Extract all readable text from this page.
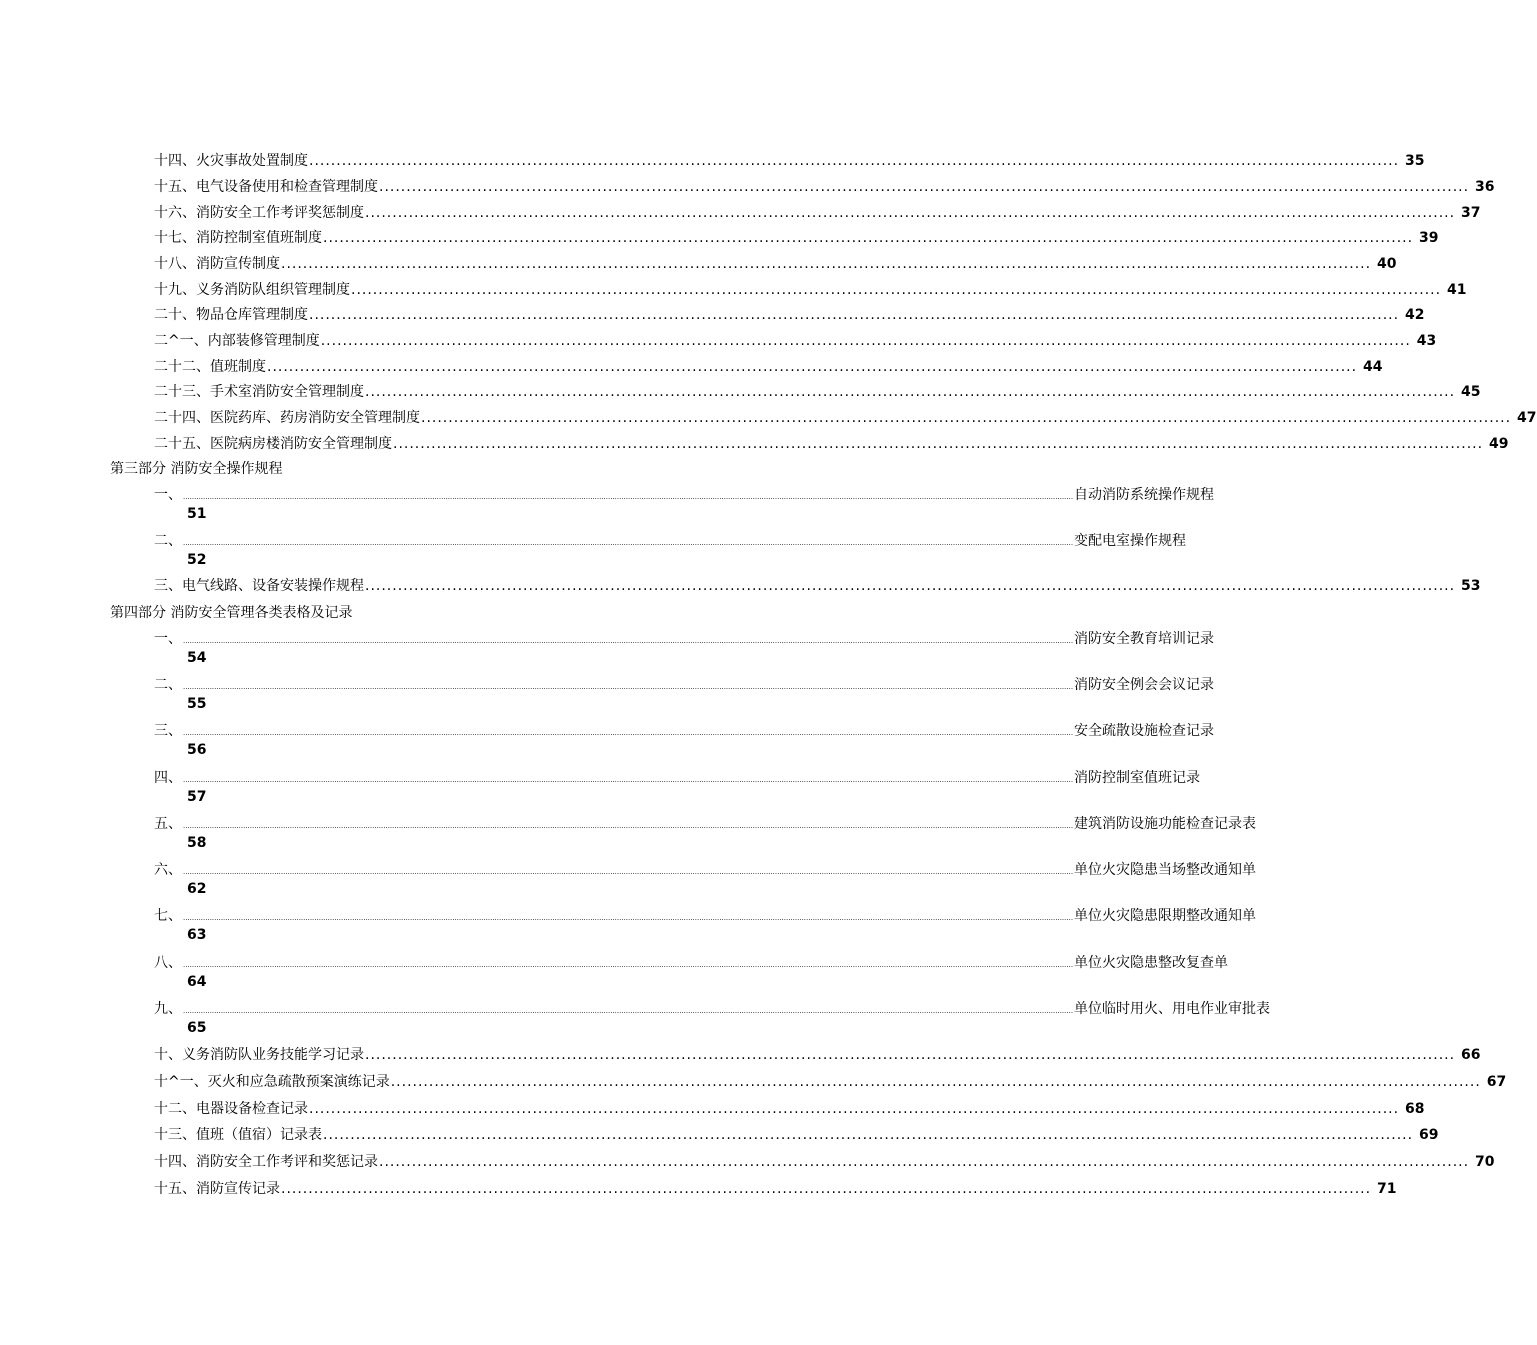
十四、火灾事故处置制度 ........................................................................................................................................................................................................ 35
十五、电气设备使用和检查管理制度 ........................................................................................................................................................................................................ 36
十六、消防安全工作考评奖惩制度 ........................................................................................................................................................................................................ 37
十七、消防控制室值班制度 ........................................................................................................................................................................................................ 39
十八、消防宣传制度 ........................................................................................................................................................................................................ 40
十九、义务消防队组织管理制度 ........................................................................................................................................................................................................ 41
二十、物品仓库管理制度 ........................................................................................................................................................................................................ 42
二^一、内部装修管理制度 ........................................................................................................................................................................................................ 43
二十二、值班制度 ........................................................................................................................................................................................................ 44
二十三、手术室消防安全管理制度 ........................................................................................................................................................................................................ 45
二十四、医院药库、药房消防安全管理制度 ........................................................................................................................................................................................................ 47
二十五、医院病房楼消防安全管理制度 ........................................................................................................................................................................................................ 49
第三部分 消防安全操作规程
一、 ................................................................................................................................................................................................................................................................................................................................................................................................................ 自动消防系统操作规程
51
二、 ................................................................................................................................................................................................................................................................................................................................................................................................................ 变配电室操作规程
52
三、电气线路、设备安装操作规程 ........................................................................................................................................................................................................ 53
第四部分 消防安全管理各类表格及记录
一、 ................................................................................................................................................................................................................................................................................................................................................................................................................ 消防安全教育培训记录
54
二、 ................................................................................................................................................................................................................................................................................................................................................................................................................ 消防安全例会会议记录
55
三、 ................................................................................................................................................................................................................................................................................................................................................................................................................ 安全疏散设施检查记录
56
四、 ................................................................................................................................................................................................................................................................................................................................................................................................................ 消防控制室值班记录
57
五、 ................................................................................................................................................................................................................................................................................................................................................................................................................ 建筑消防设施功能检查记录表
58
六、 ................................................................................................................................................................................................................................................................................................................................................................................................................ 单位火灾隐患当场整改通知单
62
七、 ................................................................................................................................................................................................................................................................................................................................................................................................................ 单位火灾隐患限期整改通知单
63
八、 ................................................................................................................................................................................................................................................................................................................................................................................................................ 单位火灾隐患整改复查单
64
九、 ................................................................................................................................................................................................................................................................................................................................................................................................................ 单位临时用火、用电作业审批表
65
十、义务消防队业务技能学习记录 ........................................................................................................................................................................................................ 66
十^一、灭火和应急疏散预案演练记录 ........................................................................................................................................................................................................ 67
十二、电器设备检查记录 ........................................................................................................................................................................................................ 68
十三、值班（值宿）记录表 ........................................................................................................................................................................................................ 69
十四、消防安全工作考评和奖惩记录 ........................................................................................................................................................................................................ 70
十五、消防宣传记录 ........................................................................................................................................................................................................ 71
